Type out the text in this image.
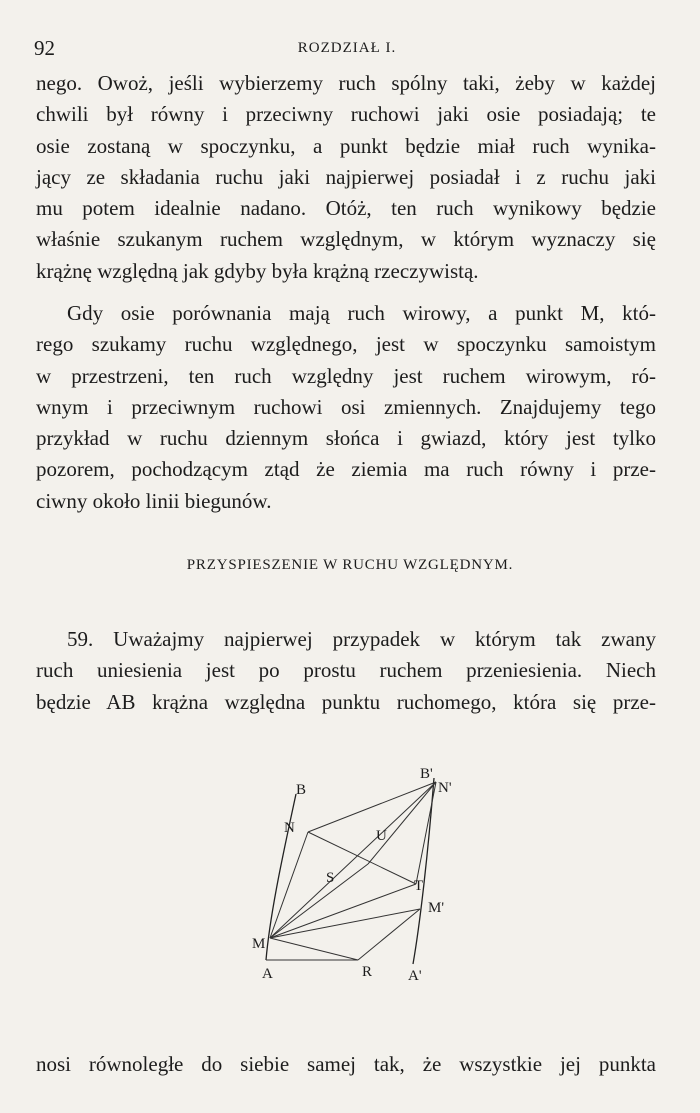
92	ROZDZIAŁ I.
nego. Owoż, jeśli wybierzemy ruch spólny taki, żeby w każdej
chwili był równy i przeciwny ruchowi jaki osie posiadają; te
osie zostaną w spoczynku, a punkt będzie miał ruch wynika-
jący ze składania ruchu jaki najpierwej posiadał i z ruchu jaki
mu potem idealnie nadano. Otóż, ten ruch wynikowy będzie
właśnie szukanym ruchem względnym, w którym wyznaczy się
krążnę względną jak gdyby była krążną rzeczywistą.
Gdy osie porównania mają ruch wirowy, a punkt M, któ-
rego szukamy ruchu względnego, jest w spoczynku samoistym
w przestrzeni, ten ruch względny jest ruchem wirowym, ró-
wnym i przeciwnym ruchowi osi zmiennych. Znajdujemy tego
przykład w ruchu dziennym słońca i gwiazd, który jest tylko
pozorem, pochodzącym ztąd że ziemia ma ruch równy i prze-
ciwny około linii biegunów.
PRZYSPIESZENIE W RUCHU WZGLĘDNYM.
59. Uważajmy najpierwej przypadek w którym tak zwany
ruch uniesienia jest po prostu ruchem przeniesienia. Niech
będzie AB krążna względna punktu ruchomego, która się prze-
B
N	U
S	T
M
A	R
B'
N'
M'
A'
nosi równoległe do siebie samej tak, że wszystkie jej punkta
